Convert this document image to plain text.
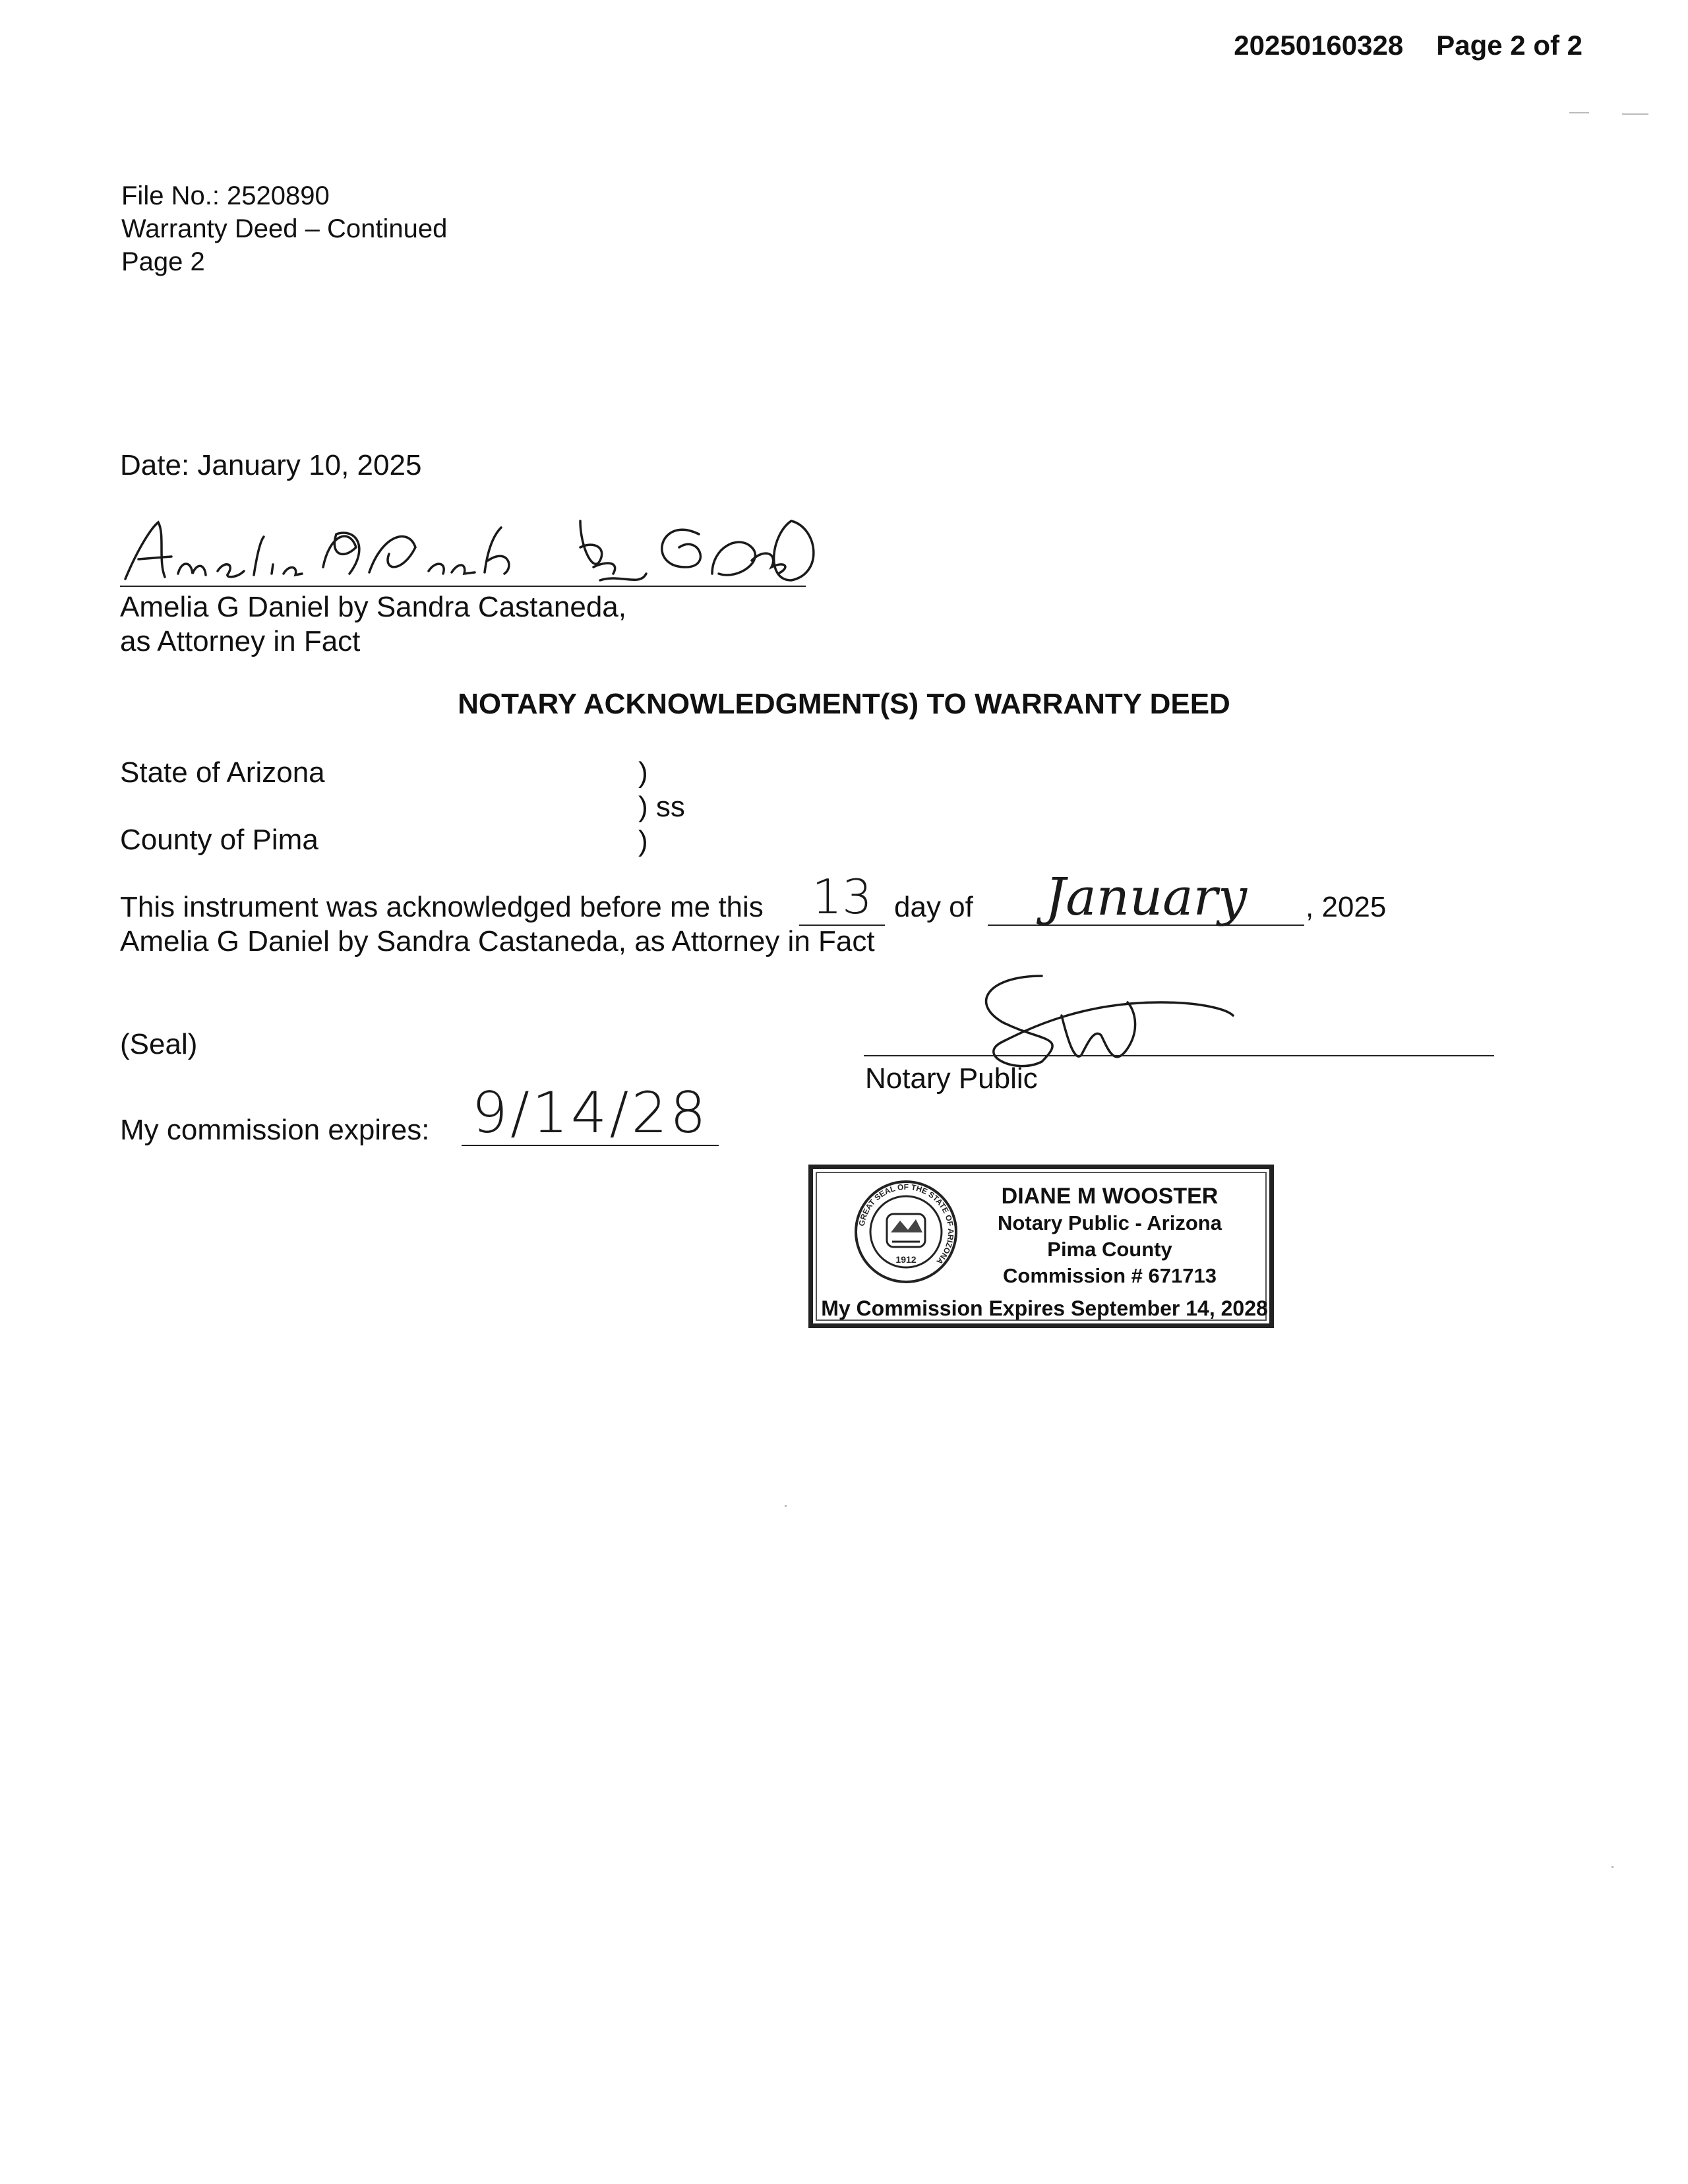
20250160328 Page 2 of 2
File No.: 2520890
Warranty Deed – Continued
Page 2
Date: January 10, 2025
Amelia G Daniel by SDCast
Amelia G Daniel by Sandra Castaneda,
as Attorney in Fact
NOTARY ACKNOWLEDGMENT(S) TO WARRANTY DEED
State of Arizona
County of Pima
)
) ss
)
This instrument was acknowledged before me this 13 day of	January	, 2025
Amelia G Daniel by Sandra Castaneda, as Attorney in Fact
DW
(Seal)
Notary Public
My commission expires: 9/14/28
GREAT SEAL OF THE STATE OF ARIZONA
1912
DIANE M WOOSTER
Notary Public - Arizona
Pima County
Commission # 671713
My Commission Expires September 14, 2028
